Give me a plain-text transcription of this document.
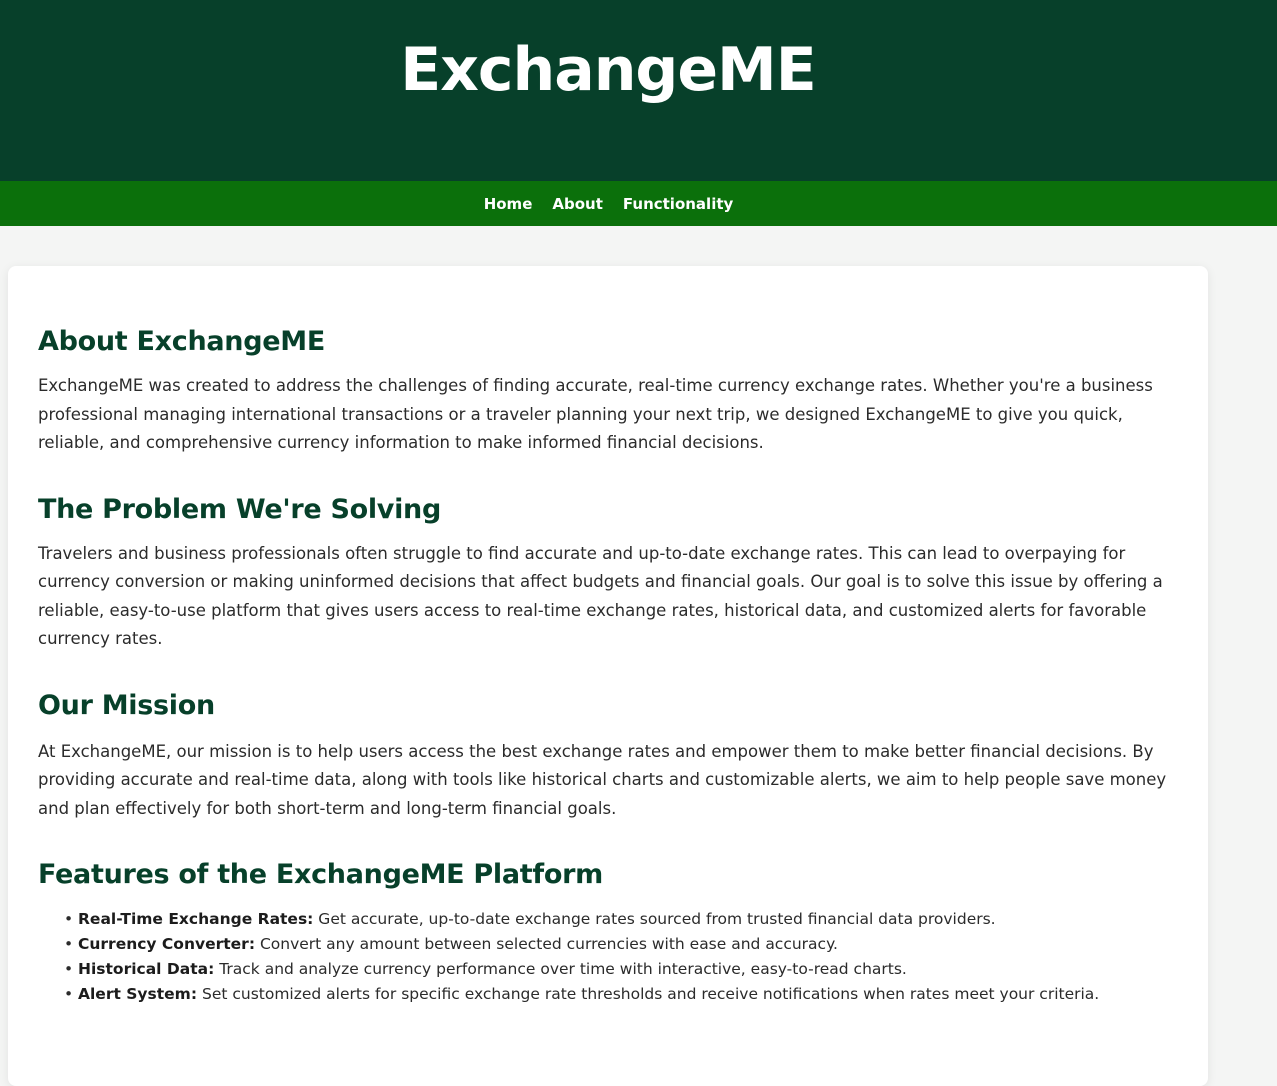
ExchangeME
Home About Functionality
About ExchangeME

ExchangeME was created to address the challenges of finding accurate, real-time currency exchange rates. Whether you're a business professional managing international transactions or a traveler planning your next trip, we designed ExchangeME to give you quick, reliable, and comprehensive currency information to make informed financial decisions.

The Problem We're Solving

Travelers and business professionals often struggle to find accurate and up-to-date exchange rates. This can lead to overpaying for currency conversion or making uninformed decisions that affect budgets and financial goals. Our goal is to solve this issue by offering a reliable, easy-to-use platform that gives users access to real-time exchange rates, historical data, and customized alerts for favorable currency rates.

Our Mission

At ExchangeME, our mission is to help users access the best exchange rates and empower them to make better financial decisions. By providing accurate and real-time data, along with tools like historical charts and customizable alerts, we aim to help people save money and plan effectively for both short-term and long-term financial goals.

Features of the ExchangeME Platform
• Real-Time Exchange Rates: Get accurate, up-to-date exchange rates sourced from trusted financial data providers.
• Currency Converter: Convert any amount between selected currencies with ease and accuracy.
• Historical Data: Track and analyze currency performance over time with interactive, easy-to-read charts.
• Alert System: Set customized alerts for specific exchange rate thresholds and receive notifications when rates meet your criteria.
